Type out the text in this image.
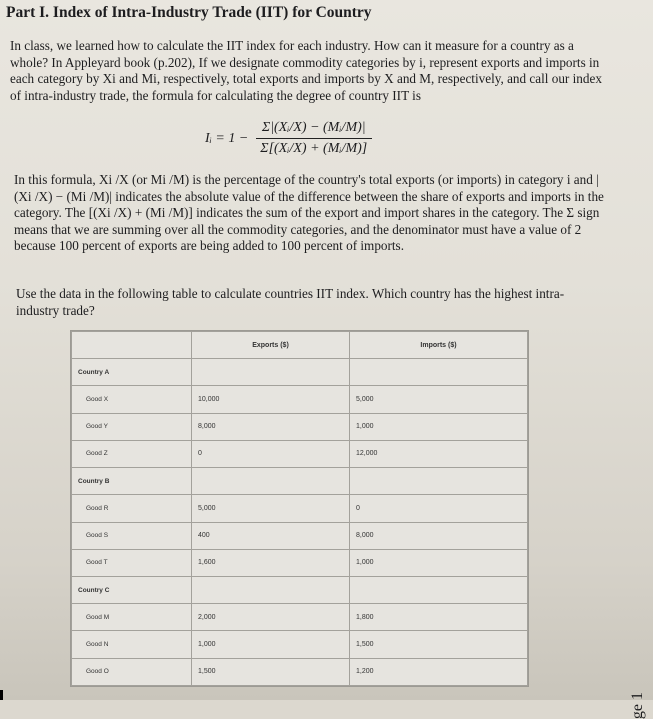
Part I. Index of Intra-Industry Trade (IIT) for Country
In class, we learned how to calculate the IIT index for each industry. How can it measure for a country as a whole? In Appleyard book (p.202), If we designate commodity categories by i, represent exports and imports in each category by Xi and Mi, respectively, total exports and imports by X and M, respectively, and call our index of intra-industry trade, the formula for calculating the degree of country IIT is
Iᵢ = $1 - \frac{\text{Σ|(Xᵢ/X) − (Mᵢ/M)|}}{\text{Σ[(Xᵢ/X) + (Mᵢ/M)]}}$
In this formula, Xi /X (or Mi /M) is the percentage of the country's total exports (or imports) in category i and |(Xi /X) − (Mi /M)| indicates the absolute value of the difference between the share of exports and imports in the category. The [(Xi /X) + (Mi /M)] indicates the sum of the export and import shares in the category. The Σ sign means that we are summing over all the commodity categories, and the denominator must have a value of 2 because 100 percent of exports are being added to 100 percent of imports.
Use the data in the following table to calculate countries IIT index. Which country has the highest intra-industry trade?
	Exports ($)	Imports ($)
Country A		
Good X	10,000	5,000
Good Y	8,000	1,000
Good Z	0	12,000
Country B		
Good R	5,000	0
Good S	400	8,000
Good T	1,600	1,000
Country C		
Good M	2,000	1,800
Good N	1,000	1,500
Good O	1,500	1,200
ge 1
